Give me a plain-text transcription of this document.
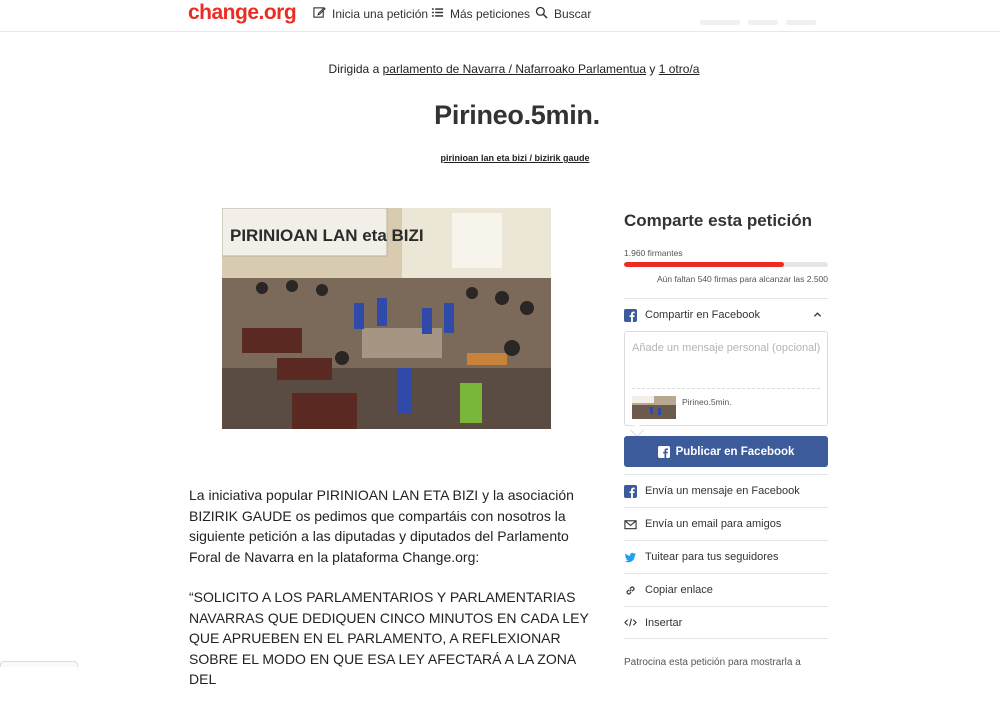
change.org	Inicia una petición Más peticiones Buscar
Dirigida a parlamento de Navarra / Nafarroako Parlamentua y 1 otro/a
Pirineo.5min.
pirinioan lan eta bizi / bizirik gaude
PIRINIOAN LAN eta BIZI

La iniciativa popular PIRINIOAN LAN ETA BIZI y la asociación BIZIRIK GAUDE os pedimos que compartáis con nosotros la siguiente petición a las diputadas y diputados del Parlamento Foral de Navarra en la plataforma Change.org:

“SOLICITO A LOS PARLAMENTARIOS Y PARLAMENTARIAS NAVARRAS QUE DEDIQUEN CINCO MINUTOS EN CADA LEY QUE APRUEBEN EN EL PARLAMENTO, A REFLEXIONAR SOBRE EL MODO EN QUE ESA LEY AFECTARÁ A LA ZONA DEL

Comparte esta petición
1.960 firmantes
Aún faltan 540 firmas para alcanzar las 2.500
Compartir en Facebook
Añade un mensaje personal (opcional)
Pirineo.5min.
Publicar en Facebook
Envía un mensaje en Facebook
Envía un email para amigos
Tuitear para tus seguidores
Copiar enlace
Insertar
Patrocina esta petición para mostrarla a
